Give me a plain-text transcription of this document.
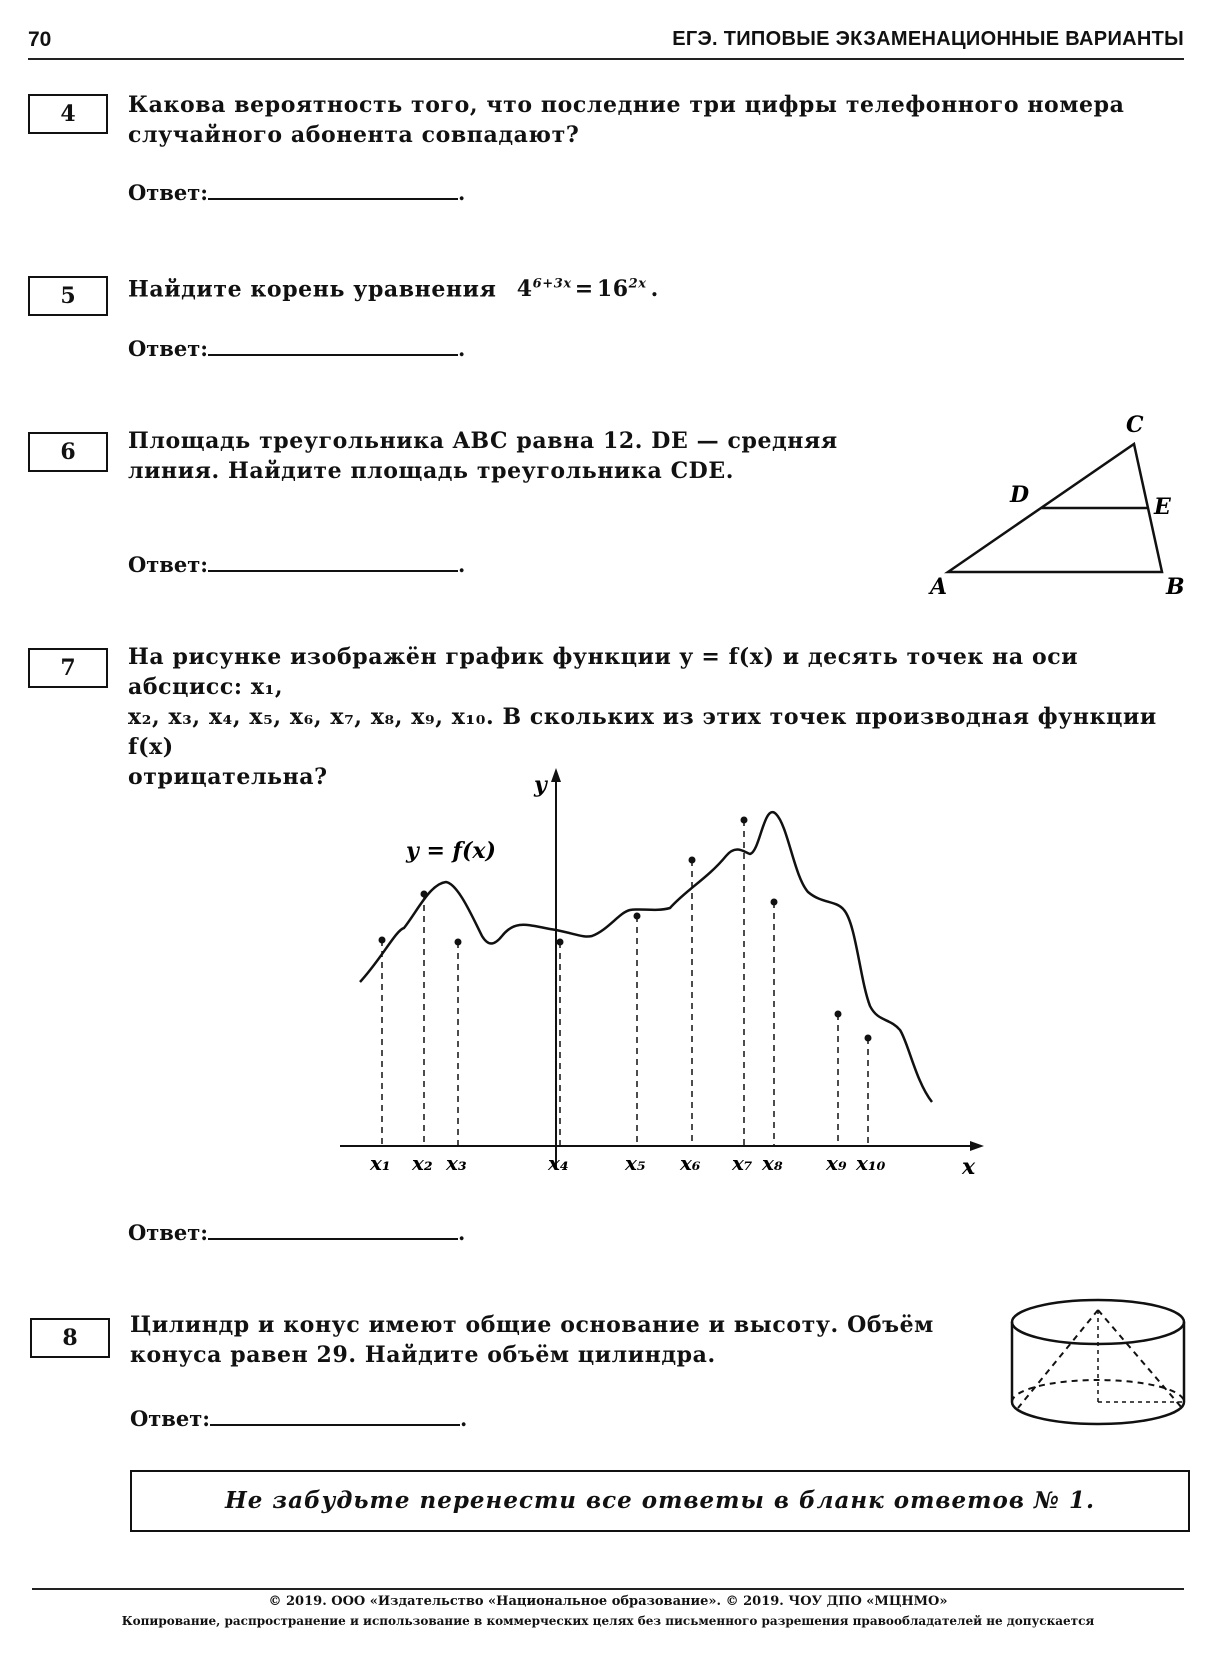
70	ЕГЭ. ТИПОВЫЕ ЭКЗАМЕНАЦИОННЫЕ ВАРИАНТЫ
4	Какова вероятность того, что последние три цифры телефонного номера случайного абонента совпадают?
Ответ:	.
5	Найдите корень уравнения $4^{6+3x} = 16^{2x}$ .
Ответ:	.
6	Площадь треугольника ABC равна 12. DE — средняя
линия. Найдите площадь треугольника CDE.
Ответ:	.
A	B
C
D	E
7	На рисунке изображён график функции y = f(x) и десять точек на оси абсцисс: x₁,
x₂, x₃, x₄, x₅, x₆, x₇, x₈, x₉, x₁₀. В скольких из этих точек производная функции f(x)
отрицательна?	y
x
y = f(x)
x₁ x₂ x₃	x₄	x₅ x₆ x₇ x₈ x₉ x₁₀
Ответ:	.
8	Цилиндр и конус имеют общие основание и высоту. Объём
конуса равен 29. Найдите объём цилиндра.
Ответ:	.
Не забудьте перенести все ответы в бланк ответов № 1.
© 2019. ООО «Издательство «Национальное образование». © 2019. ЧОУ ДПО «МЦНМО»
Копирование, распространение и использование в коммерческих целях без письменного разрешения правообладателей не допускается
